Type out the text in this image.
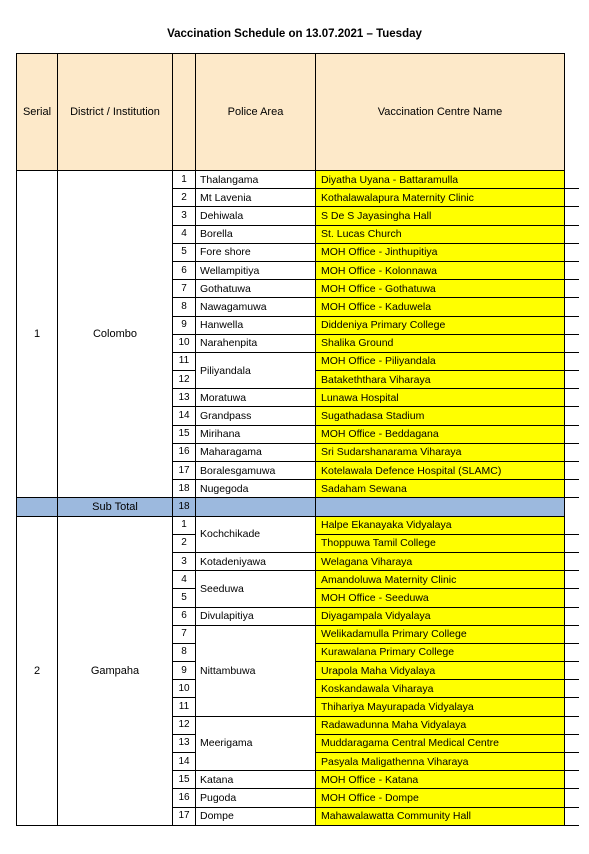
Vaccination Schedule on 13.07.2021 – Tuesday
Serial	District / Institution		Police Area	Vaccination Centre Name	
1	Colombo	1	Thalangama	Diyatha Uyana - Battaramulla	
		2	Mt Lavenia	Kothalawalapura Maternity Clinic	
		3	Dehiwala	S De S Jayasingha Hall	
		4	Borella	St. Lucas Church	
		5	Fore shore	MOH Office - Jinthupitiya	
		6	Wellampitiya	MOH Office - Kolonnawa	
		7	Gothatuwa	MOH Office - Gothatuwa	
		8	Nawagamuwa	MOH Office - Kaduwela	
		9	Hanwella	Diddeniya Primary College	
		10	Narahenpita	Shalika Ground	
		11	Piliyandala	MOH Office - Piliyandala	
		12		Batakeththara Viharaya	
		13	Moratuwa	Lunawa Hospital	
		14	Grandpass	Sugathadasa Stadium	
		15	Mirihana	MOH Office - Beddagana	
		16	Maharagama	Sri Sudarshanarama Viharaya	
		17	Boralesgamuwa	Kotelawala Defence Hospital (SLAMC)	
		18	Nugegoda	Sadaham Sewana	
	Sub Total	18			
2	Gampaha	1	Kochchikade	Halpe Ekanayaka Vidyalaya	
		2		Thoppuwa Tamil College	
		3	Kotadeniyawa	Welagana Viharaya	
		4	Seeduwa	Amandoluwa Maternity Clinic	
		5		MOH Office - Seeduwa	
		6	Divulapitiya	Diyagampala Vidyalaya	
		7	Nittambuwa	Welikadamulla Primary College	
		8		Kurawalana Primary College	
		9		Urapola Maha Vidyalaya	
		10		Koskandawala Viharaya	
		11		Thihariya Mayurapada Vidyalaya	
		12	Meerigama	Radawadunna Maha Vidyalaya	
		13		Muddaragama Central Medical Centre	
		14		Pasyala Maligathenna Viharaya	
		15	Katana	MOH Office - Katana	
		16	Pugoda	MOH Office - Dompe	
		17	Dompe	Mahawalawatta Community Hall	
